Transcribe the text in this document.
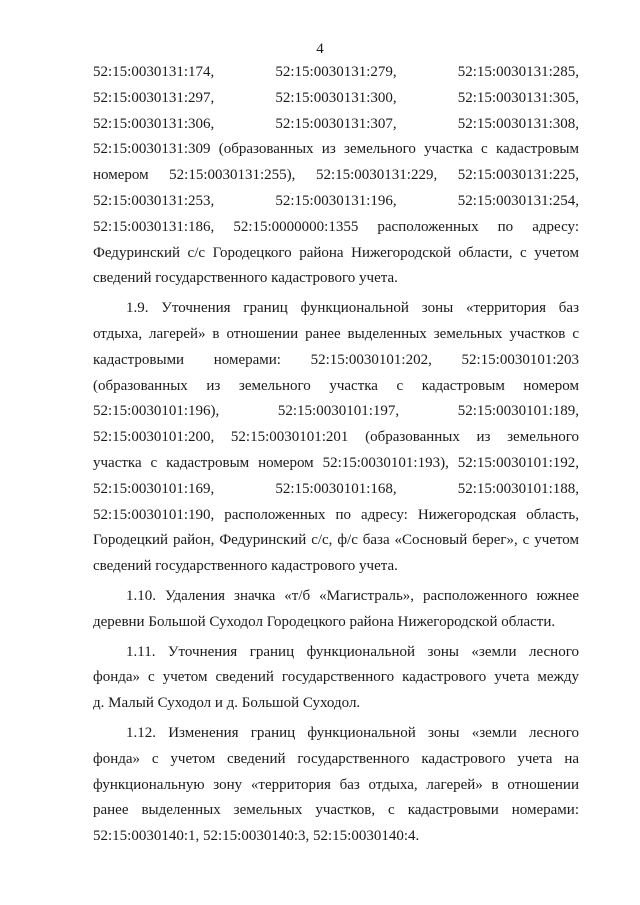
4
52:15:0030131:174, 52:15:0030131:279, 52:15:0030131:285,
52:15:0030131:297, 52:15:0030131:300, 52:15:0030131:305,
52:15:0030131:306, 52:15:0030131:307, 52:15:0030131:308,
52:15:0030131:309 (образованных из земельного участка с кадастровым
номером 52:15:0030131:255), 52:15:0030131:229, 52:15:0030131:225,
52:15:0030131:253, 52:15:0030131:196, 52:15:0030131:254,
52:15:0030131:186, 52:15:0000000:1355 расположенных по адресу:
Федуринский с/с Городецкого района Нижегородской области, с учетом
сведений государственного кадастрового учета.
1.9. Уточнения границ функциональной зоны «территория баз
отдыха, лагерей» в отношении ранее выделенных земельных участков с
кадастровыми номерами: 52:15:0030101:202, 52:15:0030101:203
(образованных из земельного участка с кадастровым номером
52:15:0030101:196), 52:15:0030101:197, 52:15:0030101:189,
52:15:0030101:200, 52:15:0030101:201 (образованных из земельного
участка с кадастровым номером 52:15:0030101:193), 52:15:0030101:192,
52:15:0030101:169, 52:15:0030101:168, 52:15:0030101:188,
52:15:0030101:190, расположенных по адресу: Нижегородская область,
Городецкий район, Федуринский с/с, ф/с база «Сосновый берег», с учетом
сведений государственного кадастрового учета.
1.10. Удаления значка «т/б «Магистраль», расположенного южнее
деревни Большой Суходол Городецкого района Нижегородской области.
1.11. Уточнения границ функциональной зоны «земли лесного
фонда» с учетом сведений государственного кадастрового учета между
д. Малый Суходол и д. Большой Суходол.
1.12. Изменения границ функциональной зоны «земли лесного
фонда» с учетом сведений государственного кадастрового учета на
функциональную зону «территория баз отдыха, лагерей» в отношении
ранее выделенных земельных участков, с кадастровыми номерами:
52:15:0030140:1, 52:15:0030140:3, 52:15:0030140:4.
